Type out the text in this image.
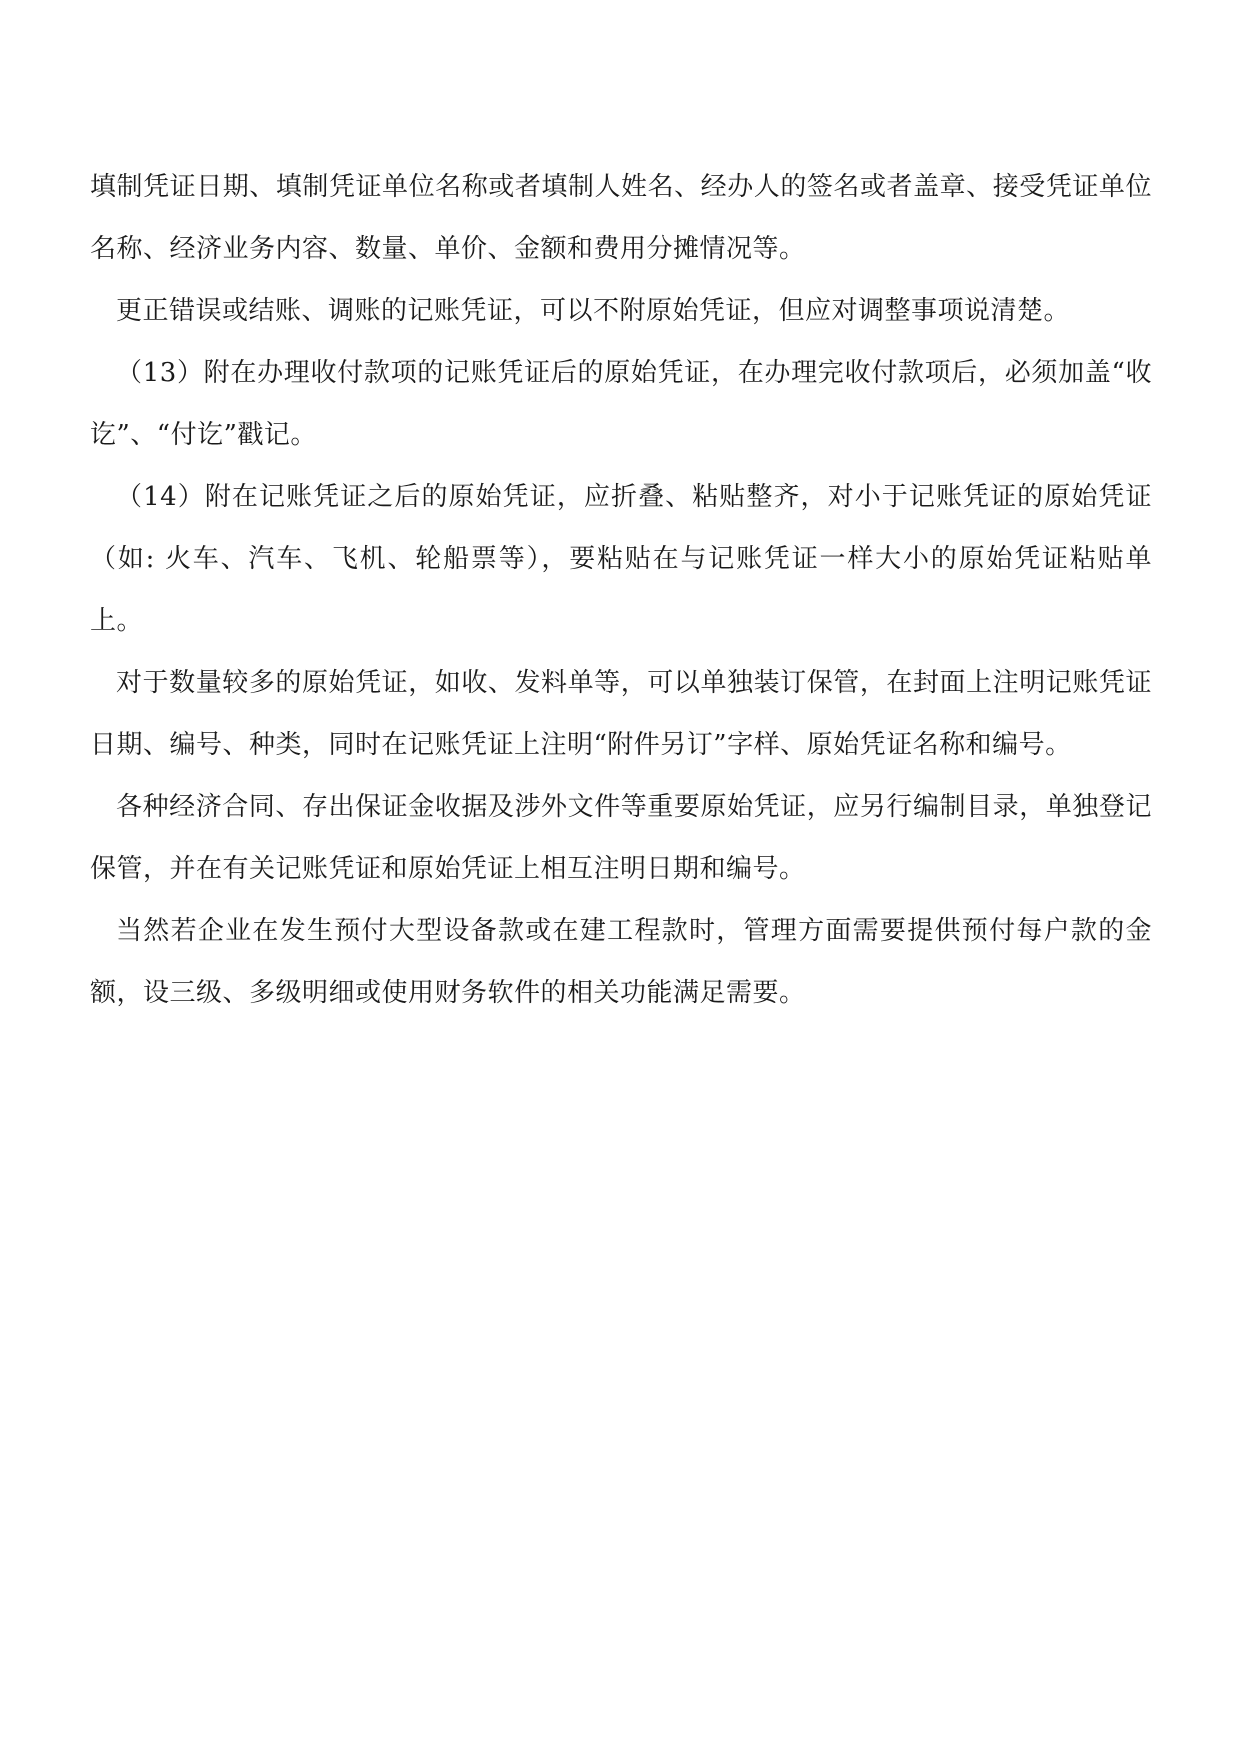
填制凭证日期、填制凭证单位名称或者填制人姓名、经办人的签名或者盖章、接受凭证单位名称、经济业务内容、数量、单价、金额和费用分摊情况等。

更正错误或结账、调账的记账凭证，可以不附原始凭证，但应对调整事项说清楚。

（13）附在办理收付款项的记账凭证后的原始凭证，在办理完收付款项后，必须加盖“收讫”、“付讫”戳记。

（14）附在记账凭证之后的原始凭证，应折叠、粘贴整齐，对小于记账凭证的原始凭证（如: 火车、汽车、飞机、轮船票等），要粘贴在与记账凭证一样大小的原始凭证粘贴单上。

对于数量较多的原始凭证，如收、发料单等，可以单独装订保管，在封面上注明记账凭证日期、编号、种类，同时在记账凭证上注明“附件另订”字样、原始凭证名称和编号。

各种经济合同、存出保证金收据及涉外文件等重要原始凭证，应另行编制目录，单独登记保管，并在有关记账凭证和原始凭证上相互注明日期和编号。

当然若企业在发生预付大型设备款或在建工程款时，管理方面需要提供预付每户款的金额，设三级、多级明细或使用财务软件的相关功能满足需要。
